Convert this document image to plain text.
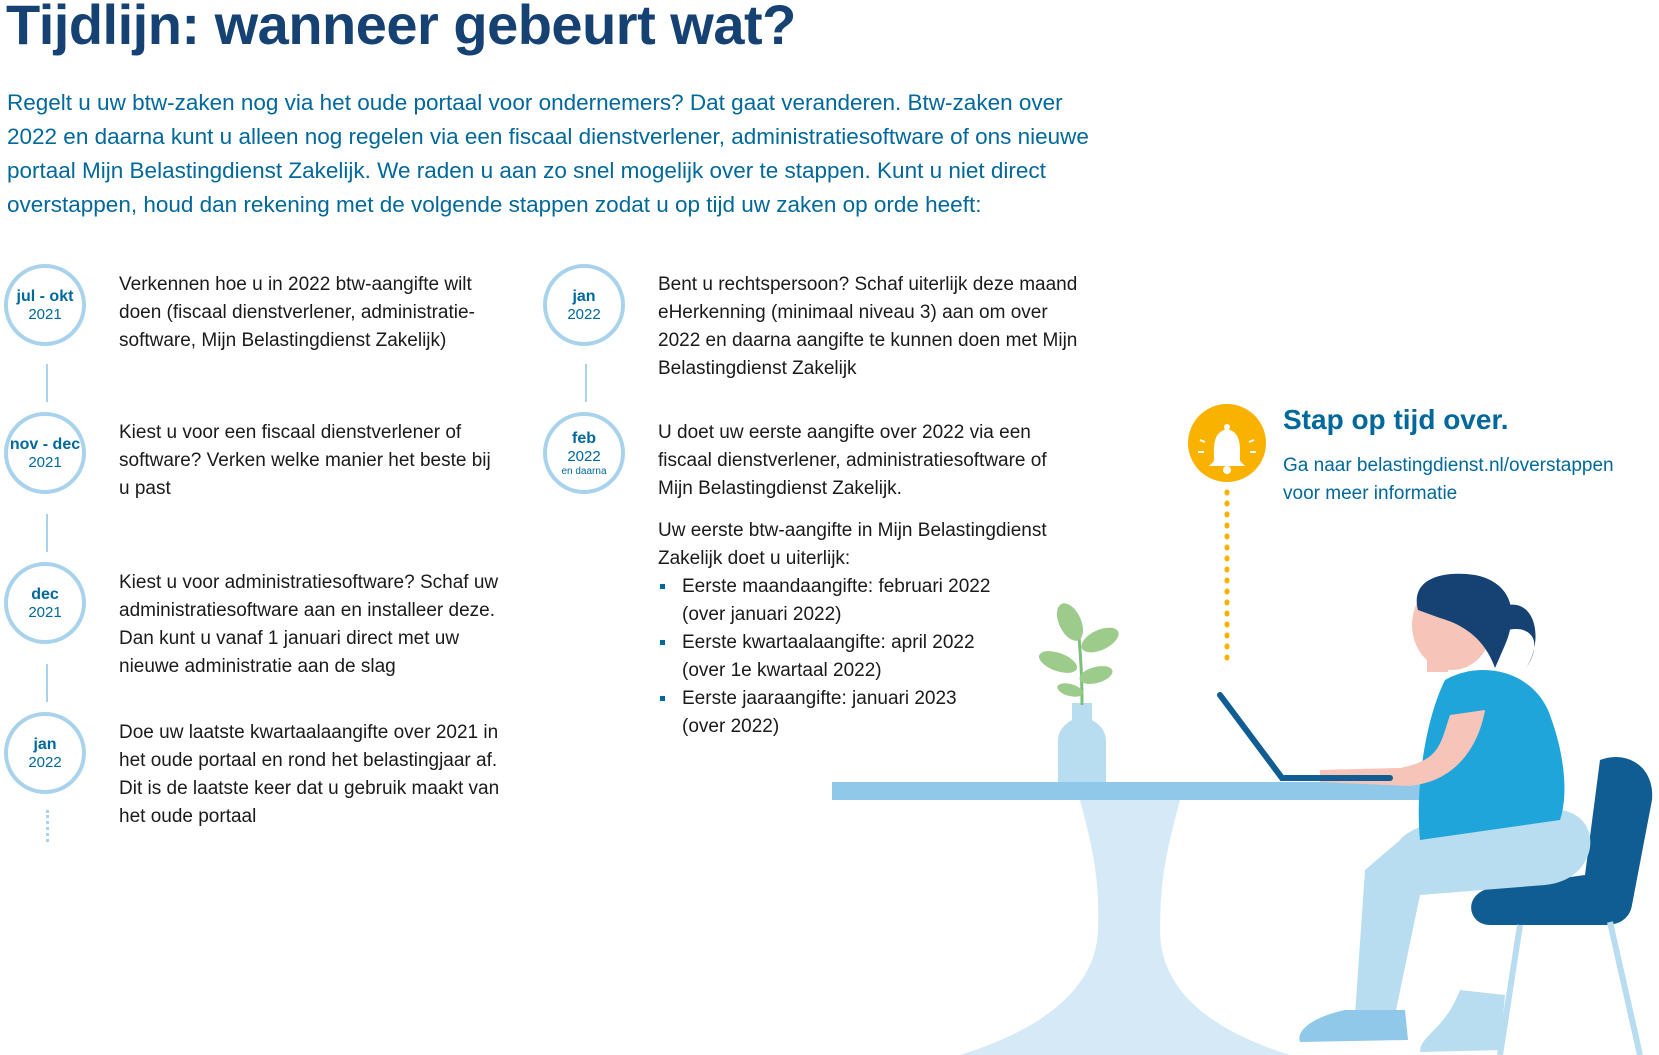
Tijdlijn: wanneer gebeurt wat?

Regelt u uw btw-zaken nog via het oude portaal voor ondernemers? Dat gaat veranderen. Btw-zaken over 2022 en daarna kunt u alleen nog regelen via een fiscaal dienstverlener, administratiesoftware of ons nieuwe portaal Mijn Belastingdienst Zakelijk. We raden u aan zo snel mogelijk over te stappen. Kunt u niet direct overstappen, houd dan rekening met de volgende stappen zodat u op tijd uw zaken op orde heeft:

jul - okt
2021

Verkennen hoe u in 2022 btw-aangifte wilt doen (fiscaal dienstverlener, administratie-software, Mijn Belastingdienst Zakelijk)

nov - dec
2021

Kiest u voor een fiscaal dienstverlener of software? Verken welke manier het beste bij u past

dec
2021

Kiest u voor administratiesoftware? Schaf uw administratiesoftware aan en installeer deze. Dan kunt u vanaf 1 januari direct met uw nieuwe administratie aan de slag

jan
2022

Doe uw laatste kwartaalaangifte over 2021 in het oude portaal en rond het belastingjaar af. Dit is de laatste keer dat u gebruik maakt van het oude portaal

jan
2022

Bent u rechtspersoon? Schaf uiterlijk deze maand eHerkenning (minimaal niveau 3) aan om over 2022 en daarna aangifte te kunnen doen met Mijn Belastingdienst Zakelijk

feb
2022
en daarna

U doet uw eerste aangifte over 2022 via een fiscaal dienstverlener, administratiesoftware of Mijn Belastingdienst Zakelijk.

Uw eerste btw-aangifte in Mijn Belastingdienst Zakelijk doet u uiterlijk:

Eerste maandaangifte: februari 2022
(over januari 2022)
Eerste kwartaalaangifte: april 2022
(over 1e kwartaal 2022)
Eerste jaaraangifte: januari 2023
(over 2022)
Stap op tijd over.

Ga naar belastingdienst.nl/overstappen voor meer informatie
